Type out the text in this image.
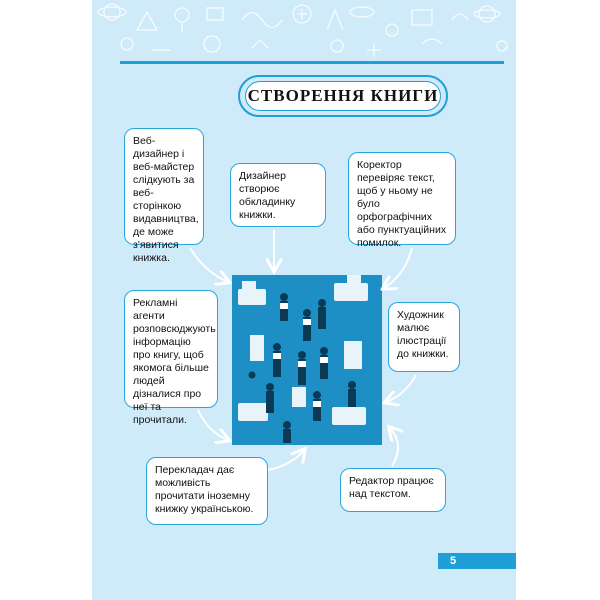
СТВОРЕННЯ КНИГИ
Веб-дизайнер і веб-майстер слідкують за веб-сторінкою видавництва, де може з'явитися книжка.
Дизайнер створює обкладинку книжки.
Коректор перевіряє текст, щоб у ньому не було орфографічних або пунктуаційних помилок.
Рекламні агенти розповсюджують інформацію про книгу, щоб якомога більше людей дізналися про неї та прочитали.
Художник малює ілюстрації до книжки.
Перекладач дає можливість прочитати іноземну книжку українською.
Редактор працює над текстом.
5
